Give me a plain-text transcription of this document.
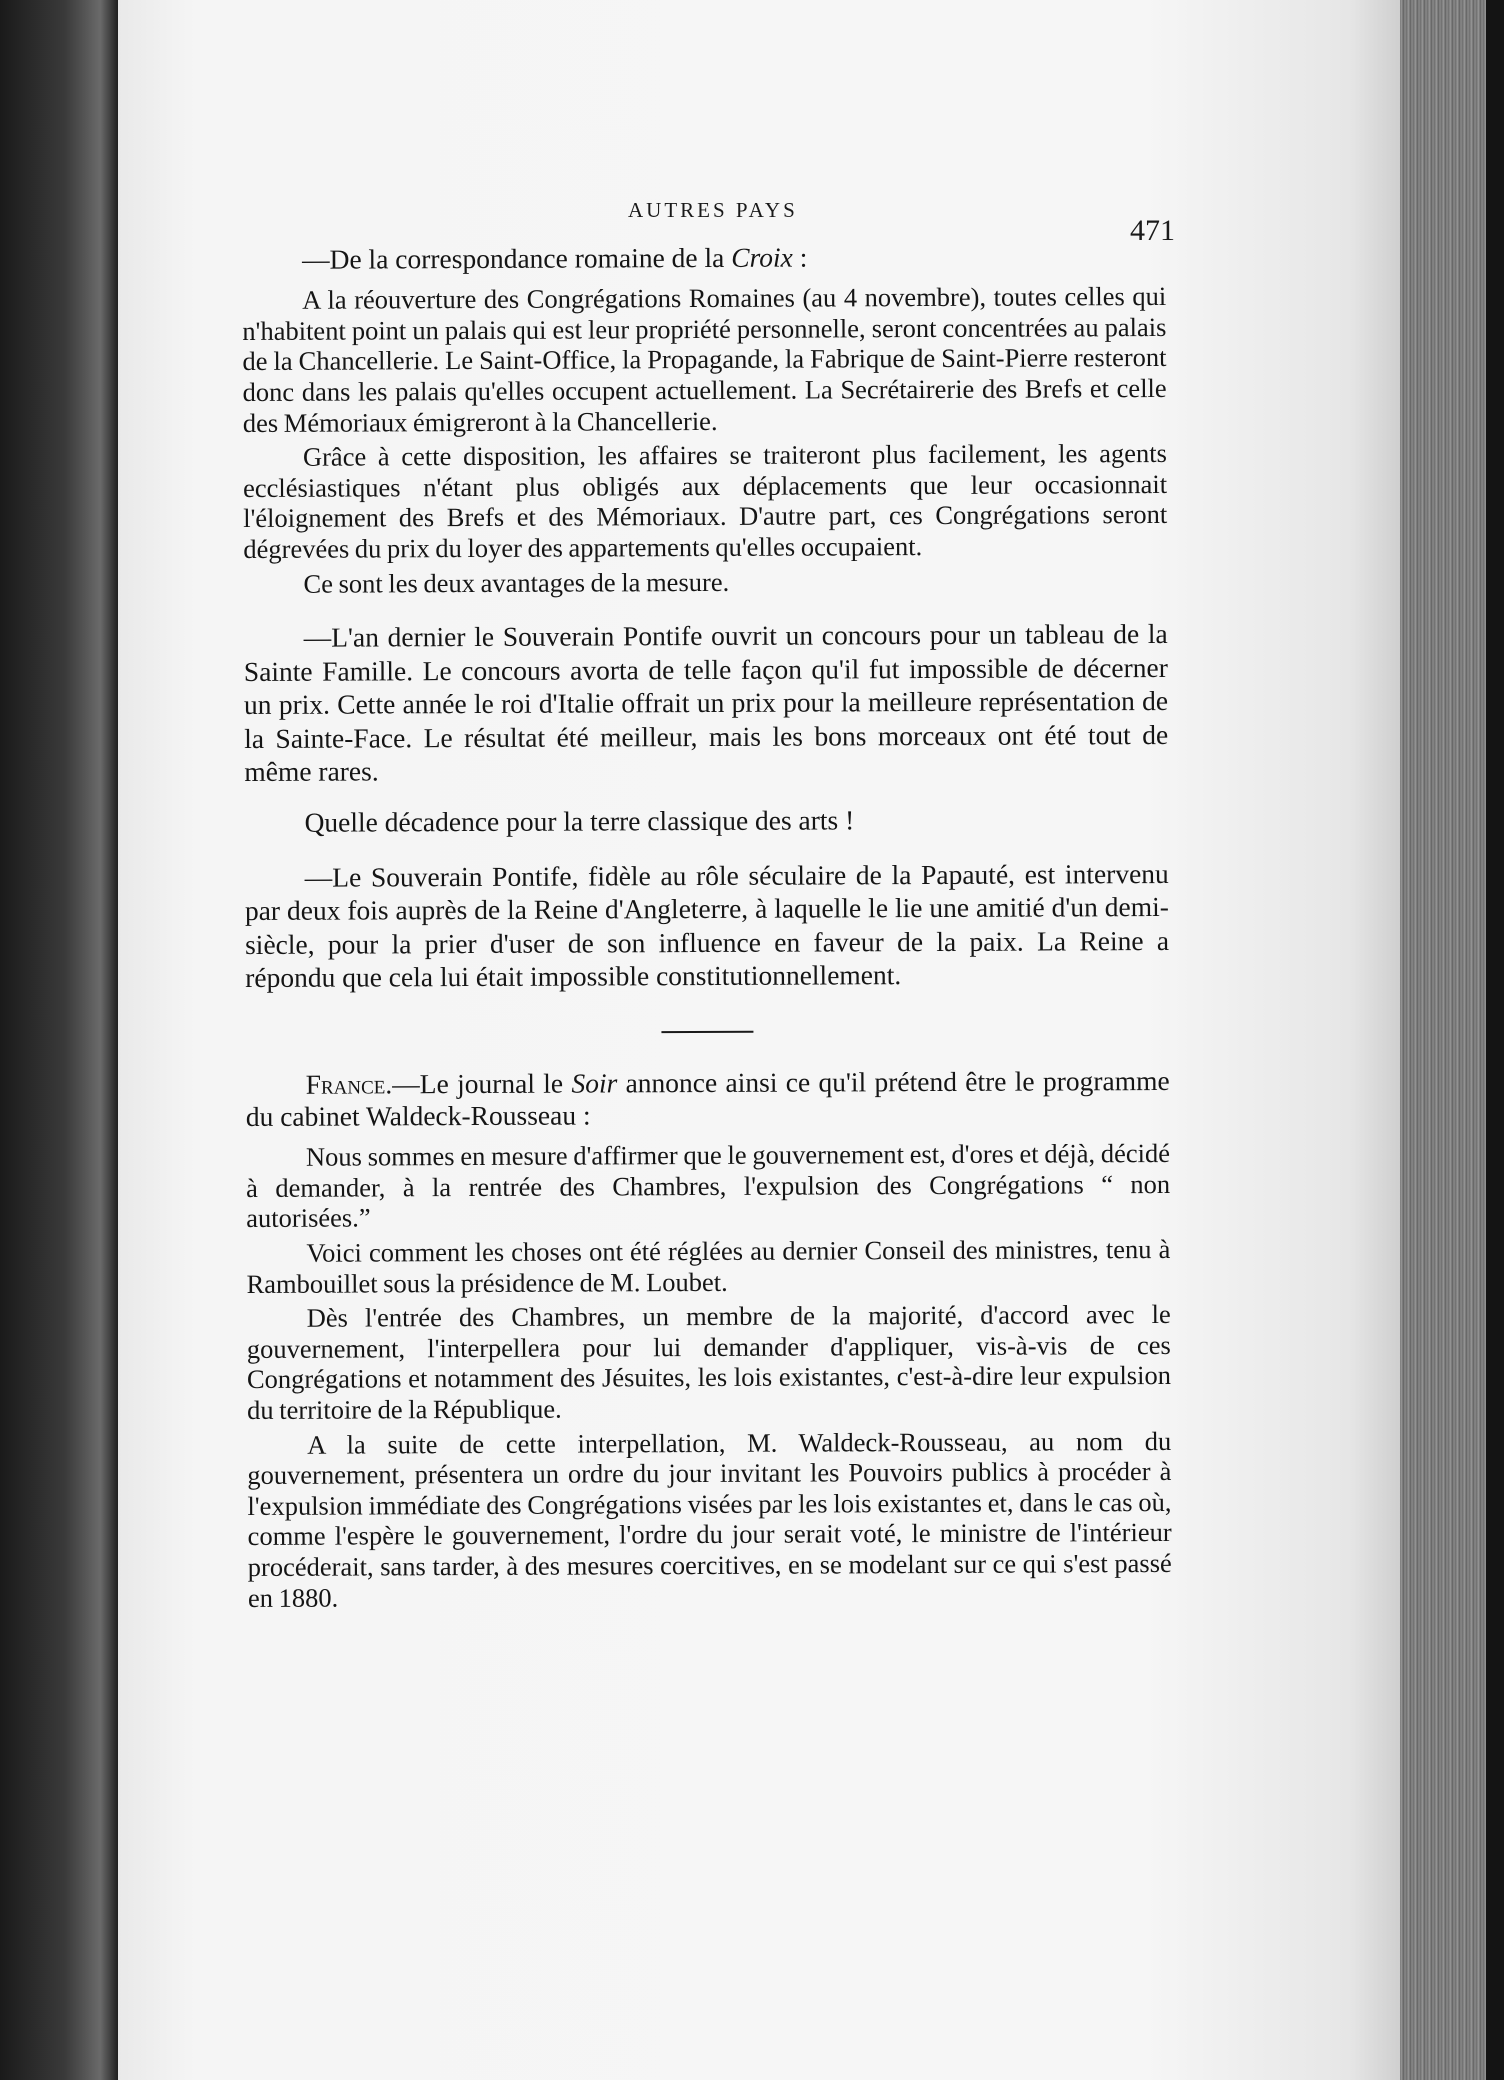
AUTRES PAYS
471

—De la correspondance romaine de la Croix :

A la réouverture des Congrégations Romaines (au 4 novembre), toutes celles qui n'habitent point un palais qui est leur propriété personnelle, seront concentrées au palais de la Chancellerie. Le Saint-Office, la Propagande, la Fabrique de Saint-Pierre resteront donc dans les palais qu'elles occupent actuellement. La Secrétairerie des Brefs et celle des Mémoriaux émigreront à la Chancellerie.

Grâce à cette disposition, les affaires se traiteront plus facilement, les agents ecclésiastiques n'étant plus obligés aux déplacements que leur occasionnait l'éloignement des Brefs et des Mémoriaux. D'autre part, ces Congrégations seront dégrevées du prix du loyer des appartements qu'elles occupaient.

Ce sont les deux avantages de la mesure.

—L'an dernier le Souverain Pontife ouvrit un concours pour un tableau de la Sainte Famille. Le concours avorta de telle façon qu'il fut impossible de décerner un prix. Cette année le roi d'Italie offrait un prix pour la meilleure représentation de la Sainte-Face. Le résultat été meilleur, mais les bons morceaux ont été tout de même rares.

Quelle décadence pour la terre classique des arts !

—Le Souverain Pontife, fidèle au rôle séculaire de la Papauté, est intervenu par deux fois auprès de la Reine d'Angleterre, à laquelle le lie une amitié d'un demi-siècle, pour la prier d'user de son influence en faveur de la paix. La Reine a répondu que cela lui était impossible constitutionnellement.

France.—Le journal le Soir annonce ainsi ce qu'il prétend être le programme du cabinet Waldeck-Rousseau :

Nous sommes en mesure d'affirmer que le gouvernement est, d'ores et déjà, décidé à demander, à la rentrée des Chambres, l'expulsion des Congrégations “ non autorisées.”

Voici comment les choses ont été réglées au dernier Conseil des ministres, tenu à Rambouillet sous la présidence de M. Loubet.

Dès l'entrée des Chambres, un membre de la majorité, d'accord avec le gouvernement, l'interpellera pour lui demander d'appliquer, vis-à-vis de ces Congrégations et notamment des Jésuites, les lois existantes, c'est-à-dire leur expulsion du territoire de la République.

A la suite de cette interpellation, M. Waldeck-Rousseau, au nom du gouvernement, présentera un ordre du jour invitant les Pouvoirs publics à procéder à l'expulsion immédiate des Congrégations visées par les lois existantes et, dans le cas où, comme l'espère le gouvernement, l'ordre du jour serait voté, le ministre de l'intérieur procéderait, sans tarder, à des mesures coercitives, en se modelant sur ce qui s'est passé en 1880.
